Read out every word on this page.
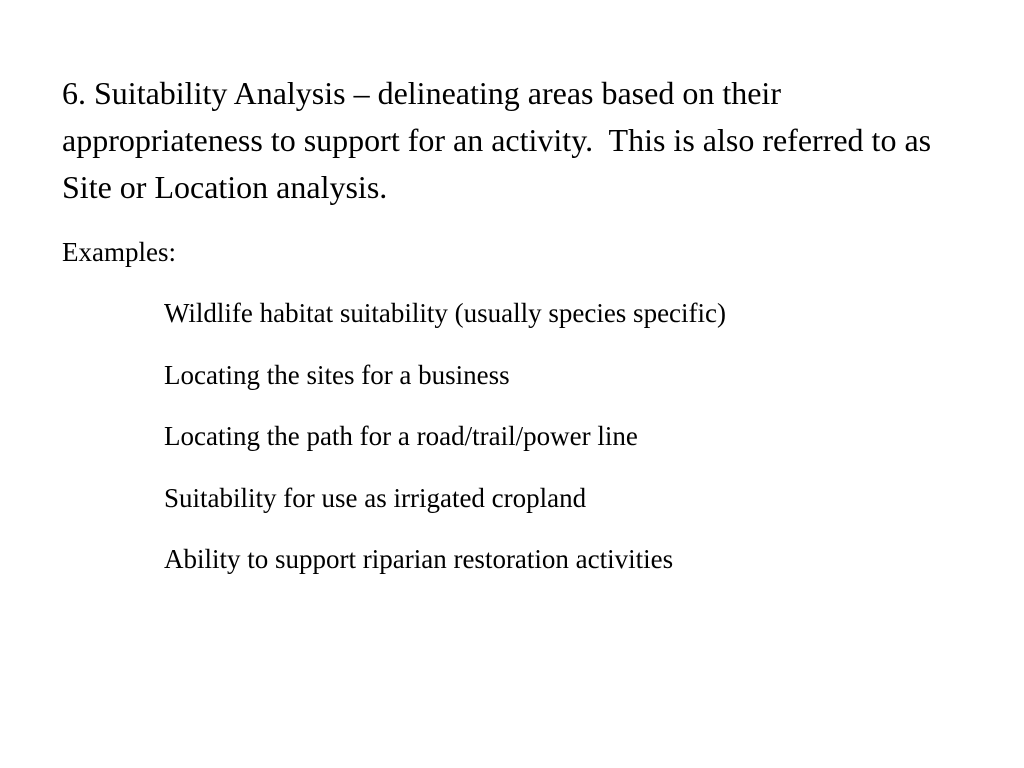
6. Suitability Analysis – delineating areas based on their appropriateness to support for an activity.  This is also referred to as Site or Location analysis.

Examples:

Wildlife habitat suitability (usually species specific)
Locating the sites for a business
Locating the path for a road/trail/power line
Suitability for use as irrigated cropland
Ability to support riparian restoration activities
